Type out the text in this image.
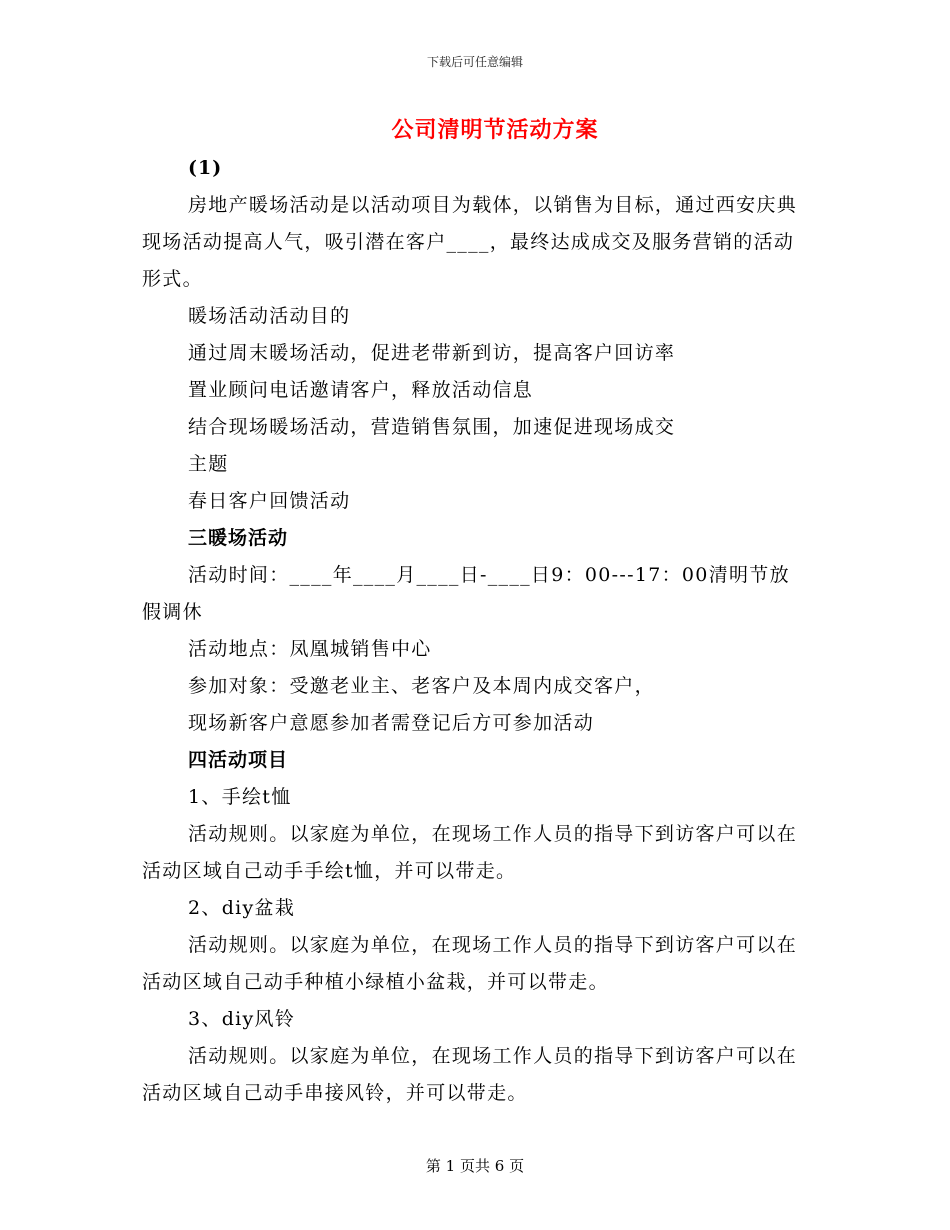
下载后可任意编辑
公司清明节活动方案

(1)

房地产暖场活动是以活动项目为载体，以销售为目标，通过西安庆典现场活动提高人气，吸引潜在客户____，最终达成成交及服务营销的活动形式。

暖场活动活动目的

通过周末暖场活动，促进老带新到访，提高客户回访率

置业顾问电话邀请客户，释放活动信息

结合现场暖场活动，营造销售氛围，加速促进现场成交

主题

春日客户回馈活动

三暖场活动

活动时间：____年____月____日-____日9：00---17：00清明节放假调休

活动地点：凤凰城销售中心

参加对象：受邀老业主、老客户及本周内成交客户，

现场新客户意愿参加者需登记后方可参加活动

四活动项目

1、手绘t恤

活动规则。以家庭为单位，在现场工作人员的指导下到访客户可以在活动区域自己动手手绘t恤，并可以带走。

2、diy盆栽

活动规则。以家庭为单位，在现场工作人员的指导下到访客户可以在活动区域自己动手种植小绿植小盆栽，并可以带走。

3、diy风铃

活动规则。以家庭为单位，在现场工作人员的指导下到访客户可以在活动区域自己动手串接风铃，并可以带走。

第 1 页共 6 页
